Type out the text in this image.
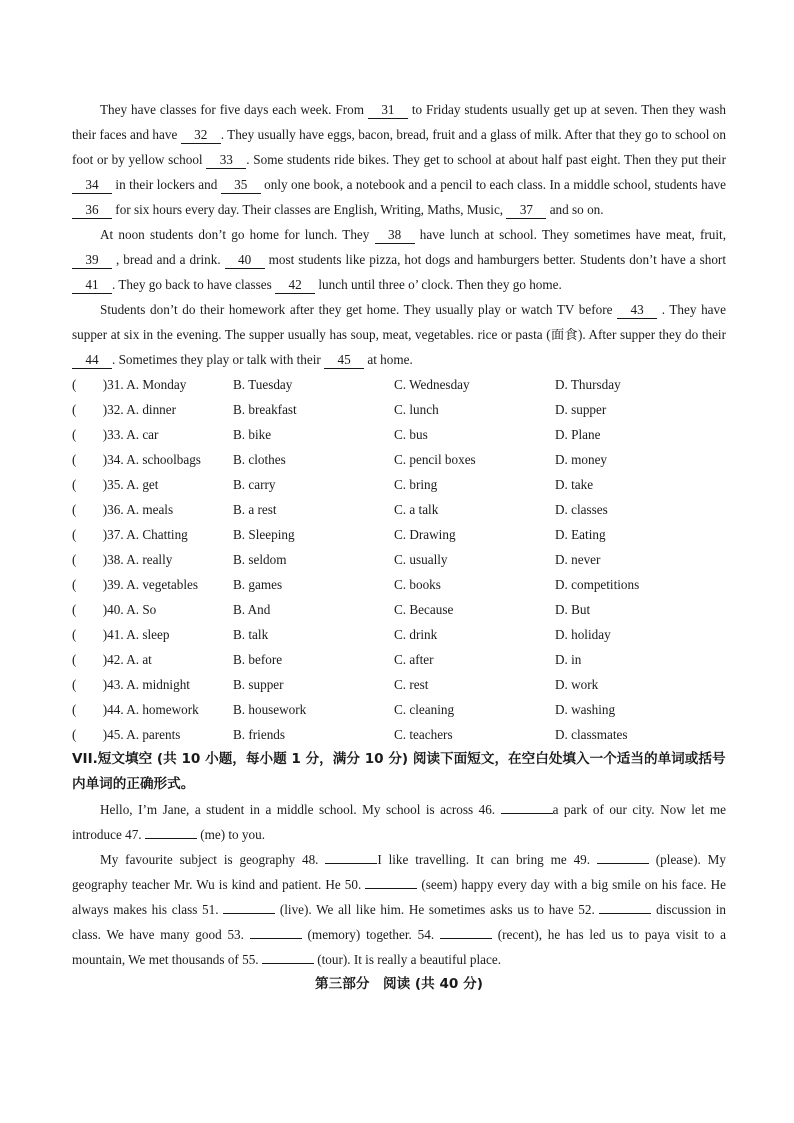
They have classes for five days each week. From 31 to Friday students usually get up at seven. Then they wash their faces and have 32 . They usually have eggs, bacon, bread, fruit and a glass of milk. After that they go to school on foot or by yellow school 33 . Some students ride bikes. They get to school at about half past eight. Then they put their 34 in their lockers and 35 only one book, a notebook and a pencil to each class. In a middle school, students have 36 for six hours every day. Their classes are English, Writing, Maths, Music, 37 and so on.

At noon students don’t go home for lunch. They 38 have lunch at school. They sometimes have meat, fruit, 39 , bread and a drink. 40 most students like pizza, hot dogs and hamburgers better. Students don’t have a short 41 . They go back to have classes 42 lunch until three o’ clock. Then they go home.

Students don’t do their homework after they get home. They usually play or watch TV before 43 . They have supper at six in the evening. The supper usually has soup, meat, vegetables. rice or pasta (面食). After supper they do their 44 . Sometimes they play or talk with their 45 at home.

(　　)31. A. Monday	B. Tuesday	C. Wednesday	D. Thursday
(　　)32. A. dinner	B. breakfast	C. lunch	D. supper
(　　)33. A. car	B. bike	C. bus	D. Plane
(　　)34. A. schoolbags	B. clothes	C. pencil boxes	D. money
(　　)35. A. get	B. carry	C. bring	D. take
(　　)36. A. meals	B. a rest	C. a talk	D. classes
(　　)37. A. Chatting	B. Sleeping	C. Drawing	D. Eating
(　　)38. A. really	B. seldom	C. usually	D. never
(　　)39. A. vegetables	B. games	C. books	D. competitions
(　　)40. A. So	B. And	C. Because	D. But
(　　)41. A. sleep	B. talk	C. drink	D. holiday
(　　)42. A. at	B. before	C. after	D. in
(　　)43. A. midnight	B. supper	C. rest	D. work
(　　)44. A. homework	B. housework	C. cleaning	D. washing
(　　)45. A. parents	B. friends	C. teachers	D. classmates
VII.短文填空 (共 10 小题，每小题 1 分，满分 10 分) 阅读下面短文，在空白处填入一个适当的单词或括号内单词的正确形式。

Hello, I’m Jane, a student in a middle school. My school is across 46.	a park of our city. Now let me introduce 47.	(me) to you.

My favourite subject is geography 48.	I like travelling. It can bring me 49.	(please). My geography teacher Mr. Wu is kind and patient. He 50.	(seem) happy every day with a big smile on his face. He always makes his class 51.	(live). We all like him. He sometimes asks us to have 52.	discussion in class. We have many good 53.	(memory) together. 54.	(recent), he has led us to paya visit to a mountain, We met thousands of 55.	(tour). It is really a beautiful place.

第三部分　阅读 (共 40 分)
